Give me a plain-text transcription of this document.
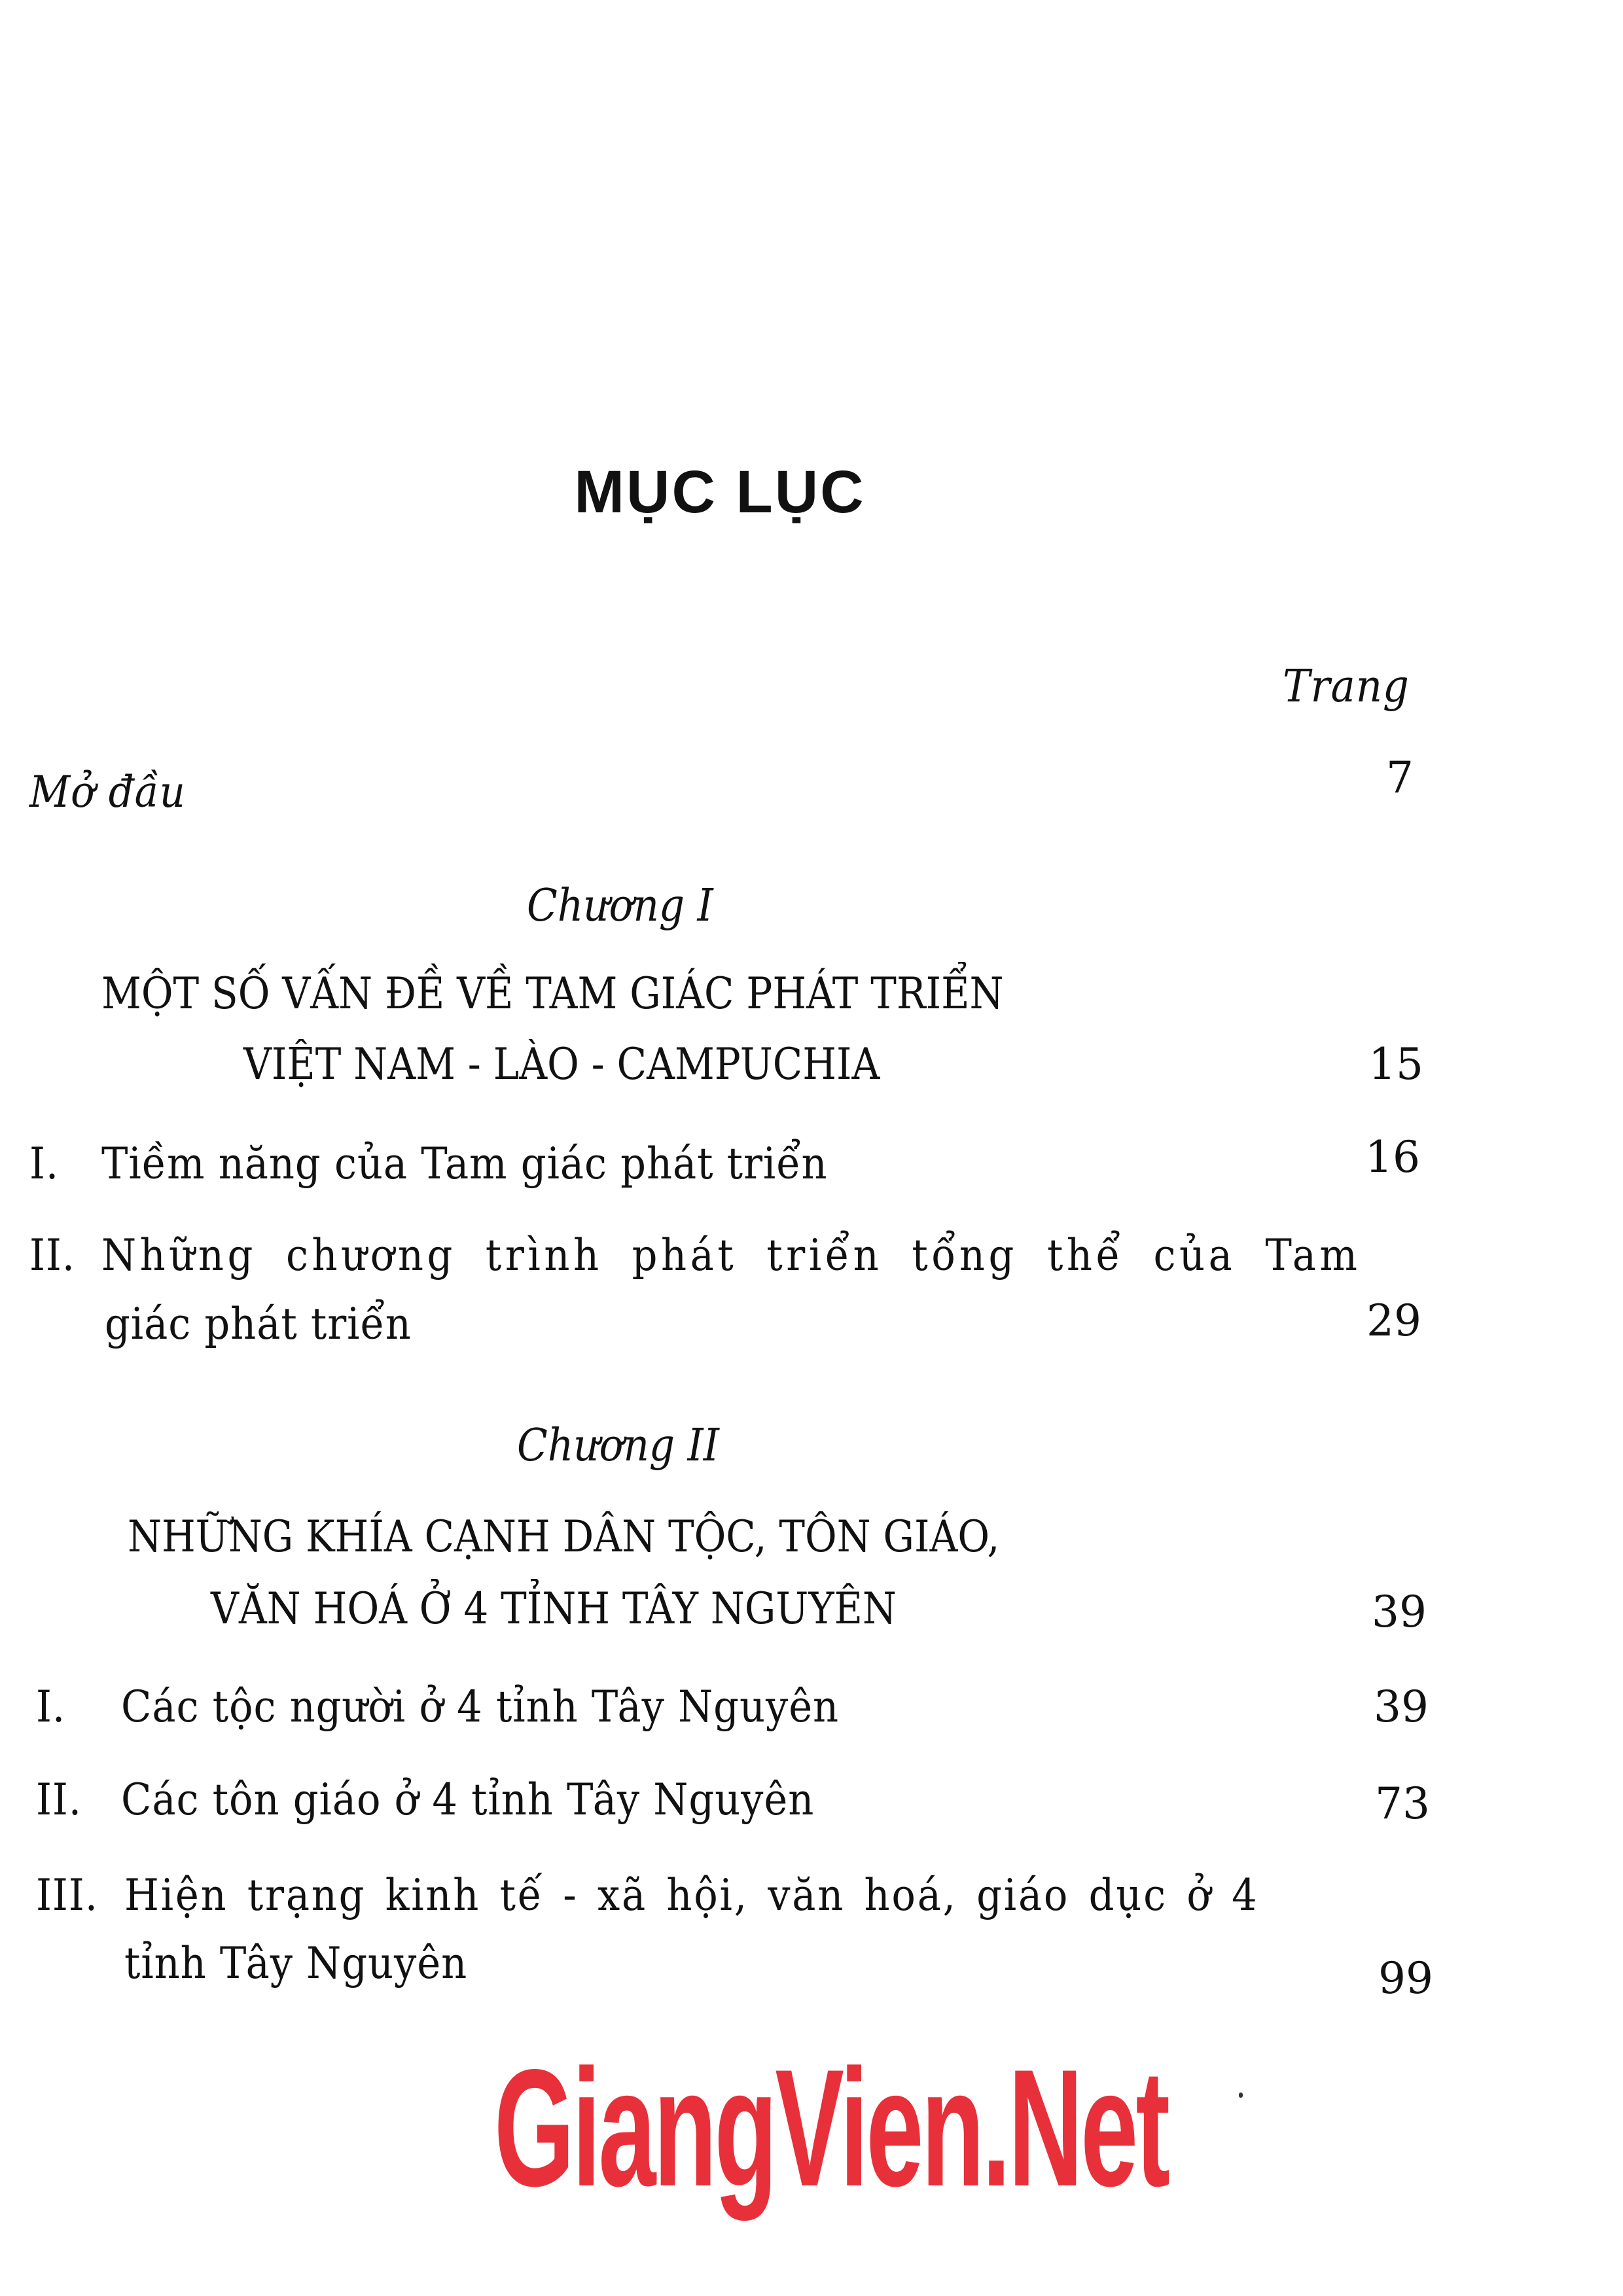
MỤC LỤC
Trang
Mở đầu	7
Chương I
MỘT SỐ VẤN ĐỀ VỀ TAM GIÁC PHÁT TRIỂN
VIỆT NAM - LÀO - CAMPUCHIA	15
I. Tiềm năng của Tam giác phát triển	16
II. Những chương trình phát triển tổng thể của Tam
giác phát triển	29
Chương II
NHỮNG KHÍA CẠNH DÂN TỘC, TÔN GIÁO,
VĂN HOÁ Ở 4 TỈNH TÂY NGUYÊN	39
I. Các tộc người ở 4 tỉnh Tây Nguyên	39
II. Các tôn giáo ở 4 tỉnh Tây Nguyên	73
III. Hiện trạng kinh tế - xã hội, văn hoá, giáo dục ở 4
tỉnh Tây Nguyên	99
GiangVien.Net
